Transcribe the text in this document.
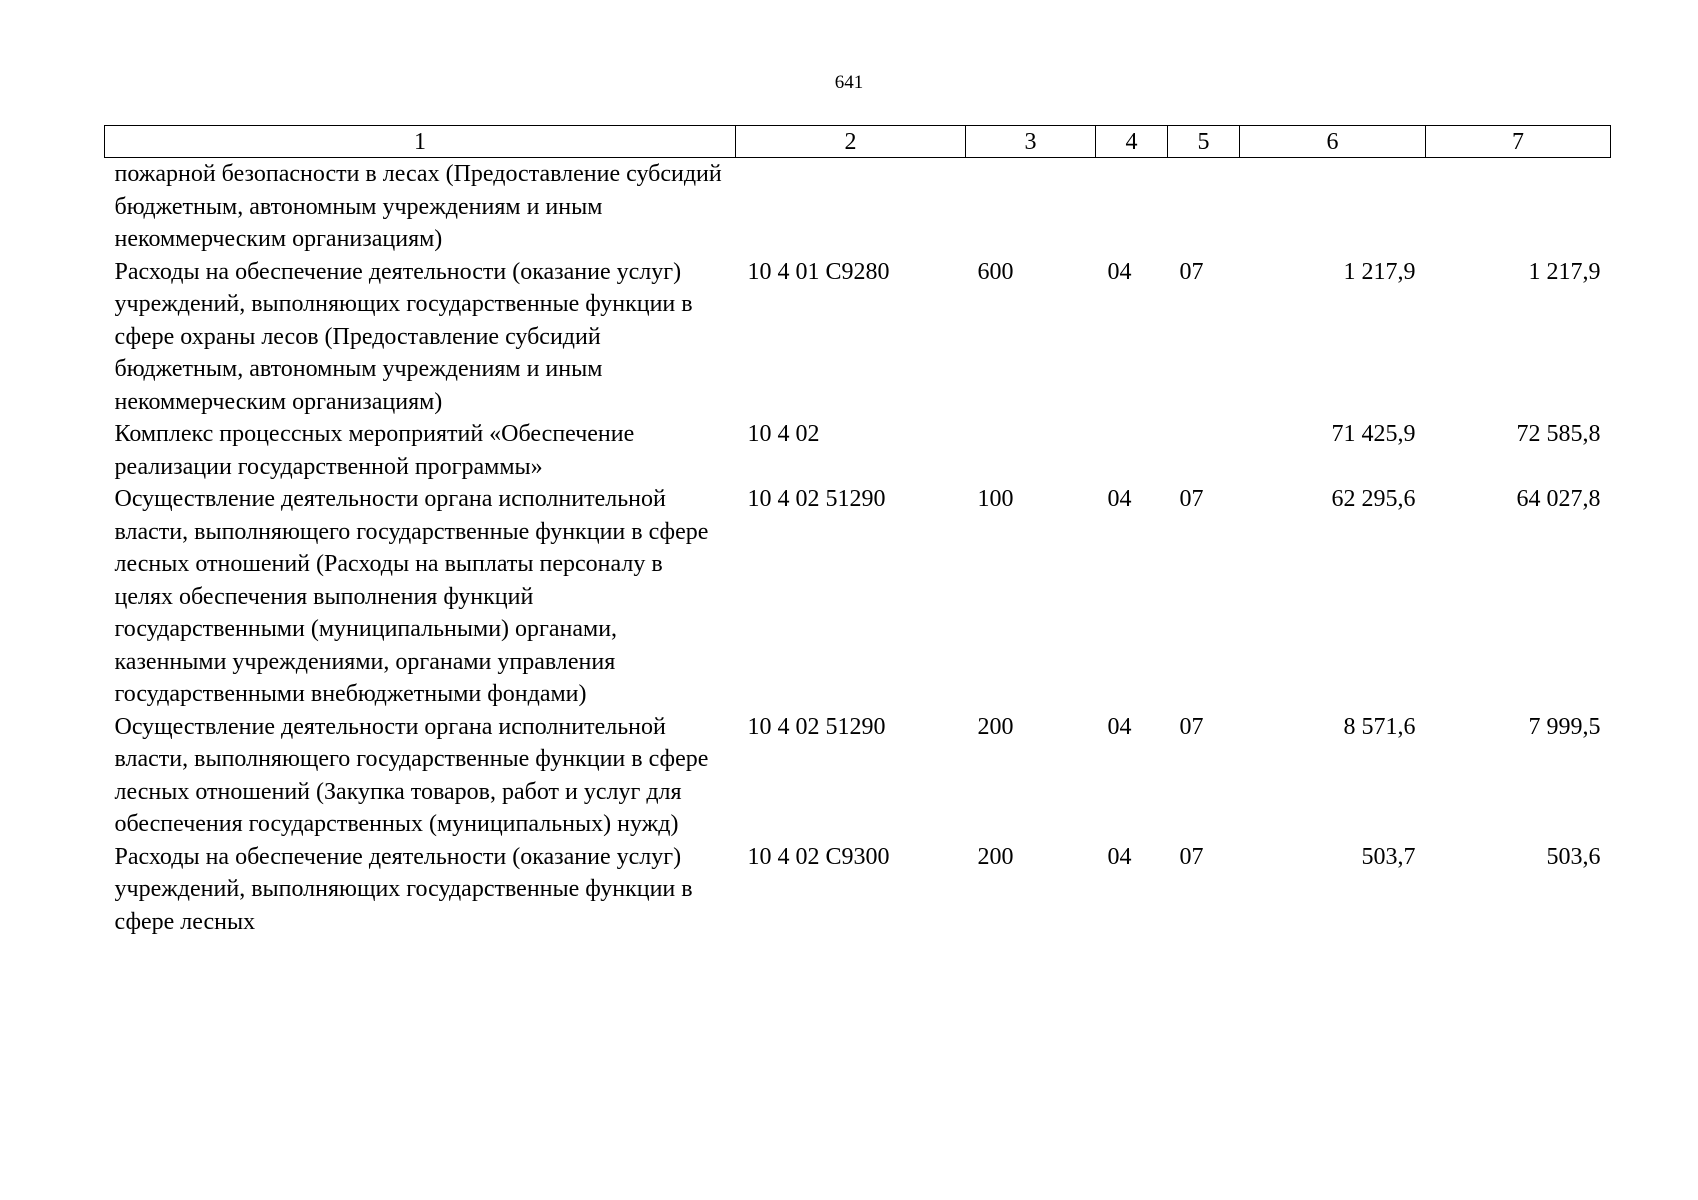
641
1	2	3	4	5	6	7
пожарной безопасности в лесах (Предоставление субсидий бюджетным, автономным учреждениям и иным некоммерческим организациям)						
Расходы на обеспечение деятельности (оказание услуг) учреждений, выполняющих государственные функции в сфере охраны лесов (Предоставление субсидий бюджетным, автономным учреждениям и иным некоммерческим организациям)	10 4 01 С9280	600	04	07	1 217,9	1 217,9
Комплекс процессных мероприятий «Обеспечение реализации государственной программы»	10 4 02				71 425,9	72 585,8
Осуществление деятельности органа исполнительной власти, выполняющего государственные функции в сфере лесных отношений (Расходы на выплаты персоналу в целях обеспечения выполнения функций государственными (муниципальными) органами, казенными учреждениями, органами управления государственными внебюджетными фондами)	10 4 02 51290	100	04	07	62 295,6	64 027,8
Осуществление деятельности органа исполнительной власти, выполняющего государственные функции в сфере лесных отношений (Закупка товаров, работ и услуг для обеспечения государственных (муниципальных) нужд)	10 4 02 51290	200	04	07	8 571,6	7 999,5
Расходы на обеспечение деятельности (оказание услуг) учреждений, выполняющих государственные функции в сфере лесных	10 4 02 С9300	200	04	07	503,7	503,6
